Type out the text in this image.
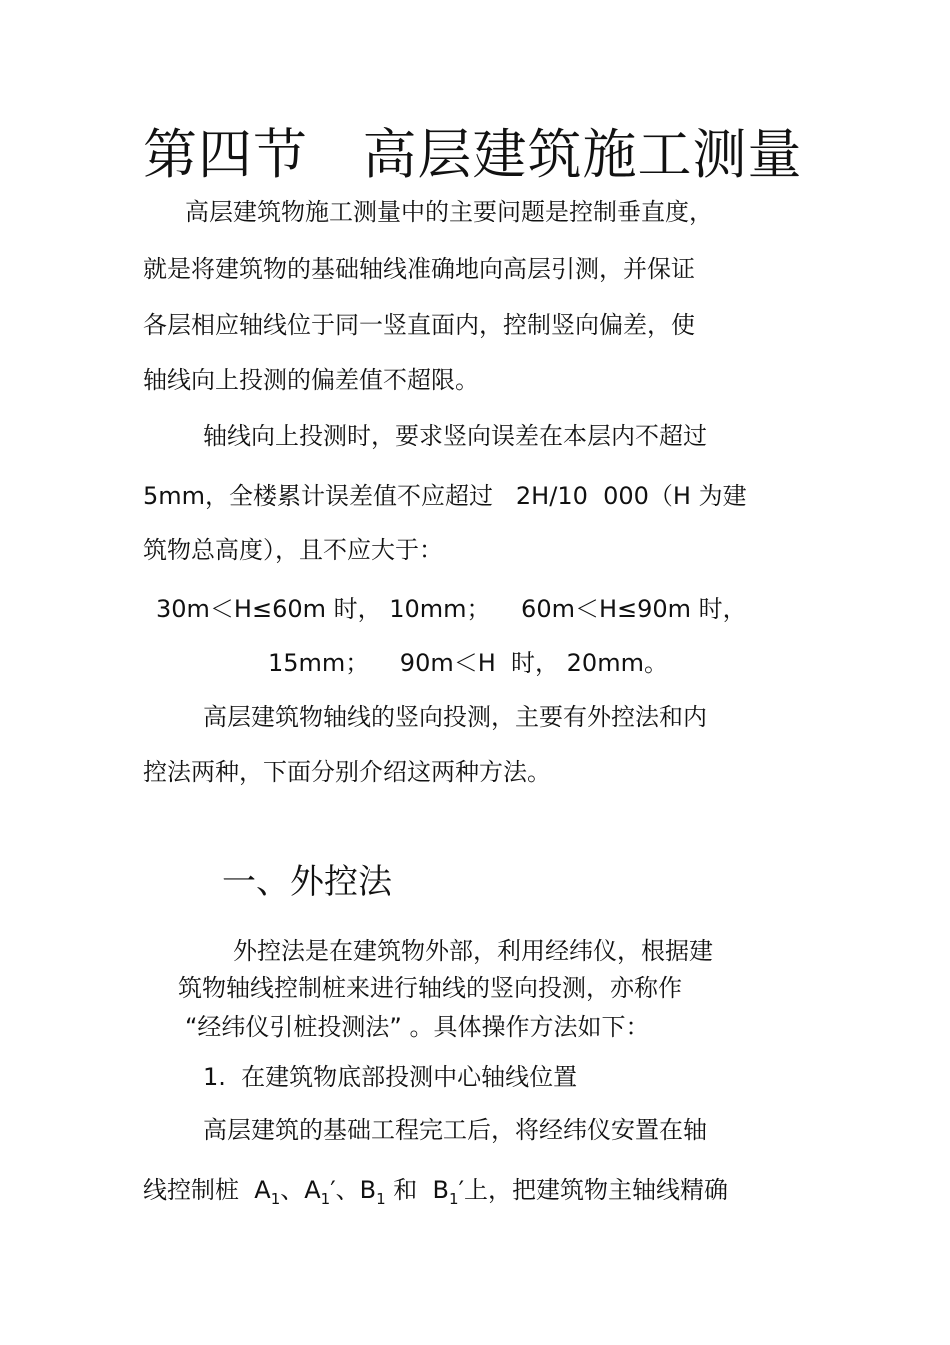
第四节   高层建筑施工测量
高层建筑物施工测量中的主要问题是控制垂直度，
就是将建筑物的基础轴线准确地向高层引测，并保证
各层相应轴线位于同一竖直面内，控制竖向偏差，使
轴线向上投测的偏差值不超限。
轴线向上投测时，要求竖向误差在本层内不超过
5mm，全楼累计误差值不应超过   2H/10  000（H 为建
筑物总高度），且不应大于：
30m＜H≤60m 时， 10mm；    60m＜H≤90m 时，
15mm；    90m＜H  时， 20mm。
高层建筑物轴线的竖向投测，主要有外控法和内
控法两种，下面分别介绍这两种方法。
一、外控法
外控法是在建筑物外部，利用经纬仪，根据建
筑物轴线控制桩来进行轴线的竖向投测，亦称作
“经纬仪引桩投测法” 。具体操作方法如下：
1.  在建筑物底部投测中心轴线位置
高层建筑的基础工程完工后，将经纬仪安置在轴
线控制桩  $A_1$、$A_1'$、$B_1$ 和  $B_1'$上，把建筑物主轴线精确
